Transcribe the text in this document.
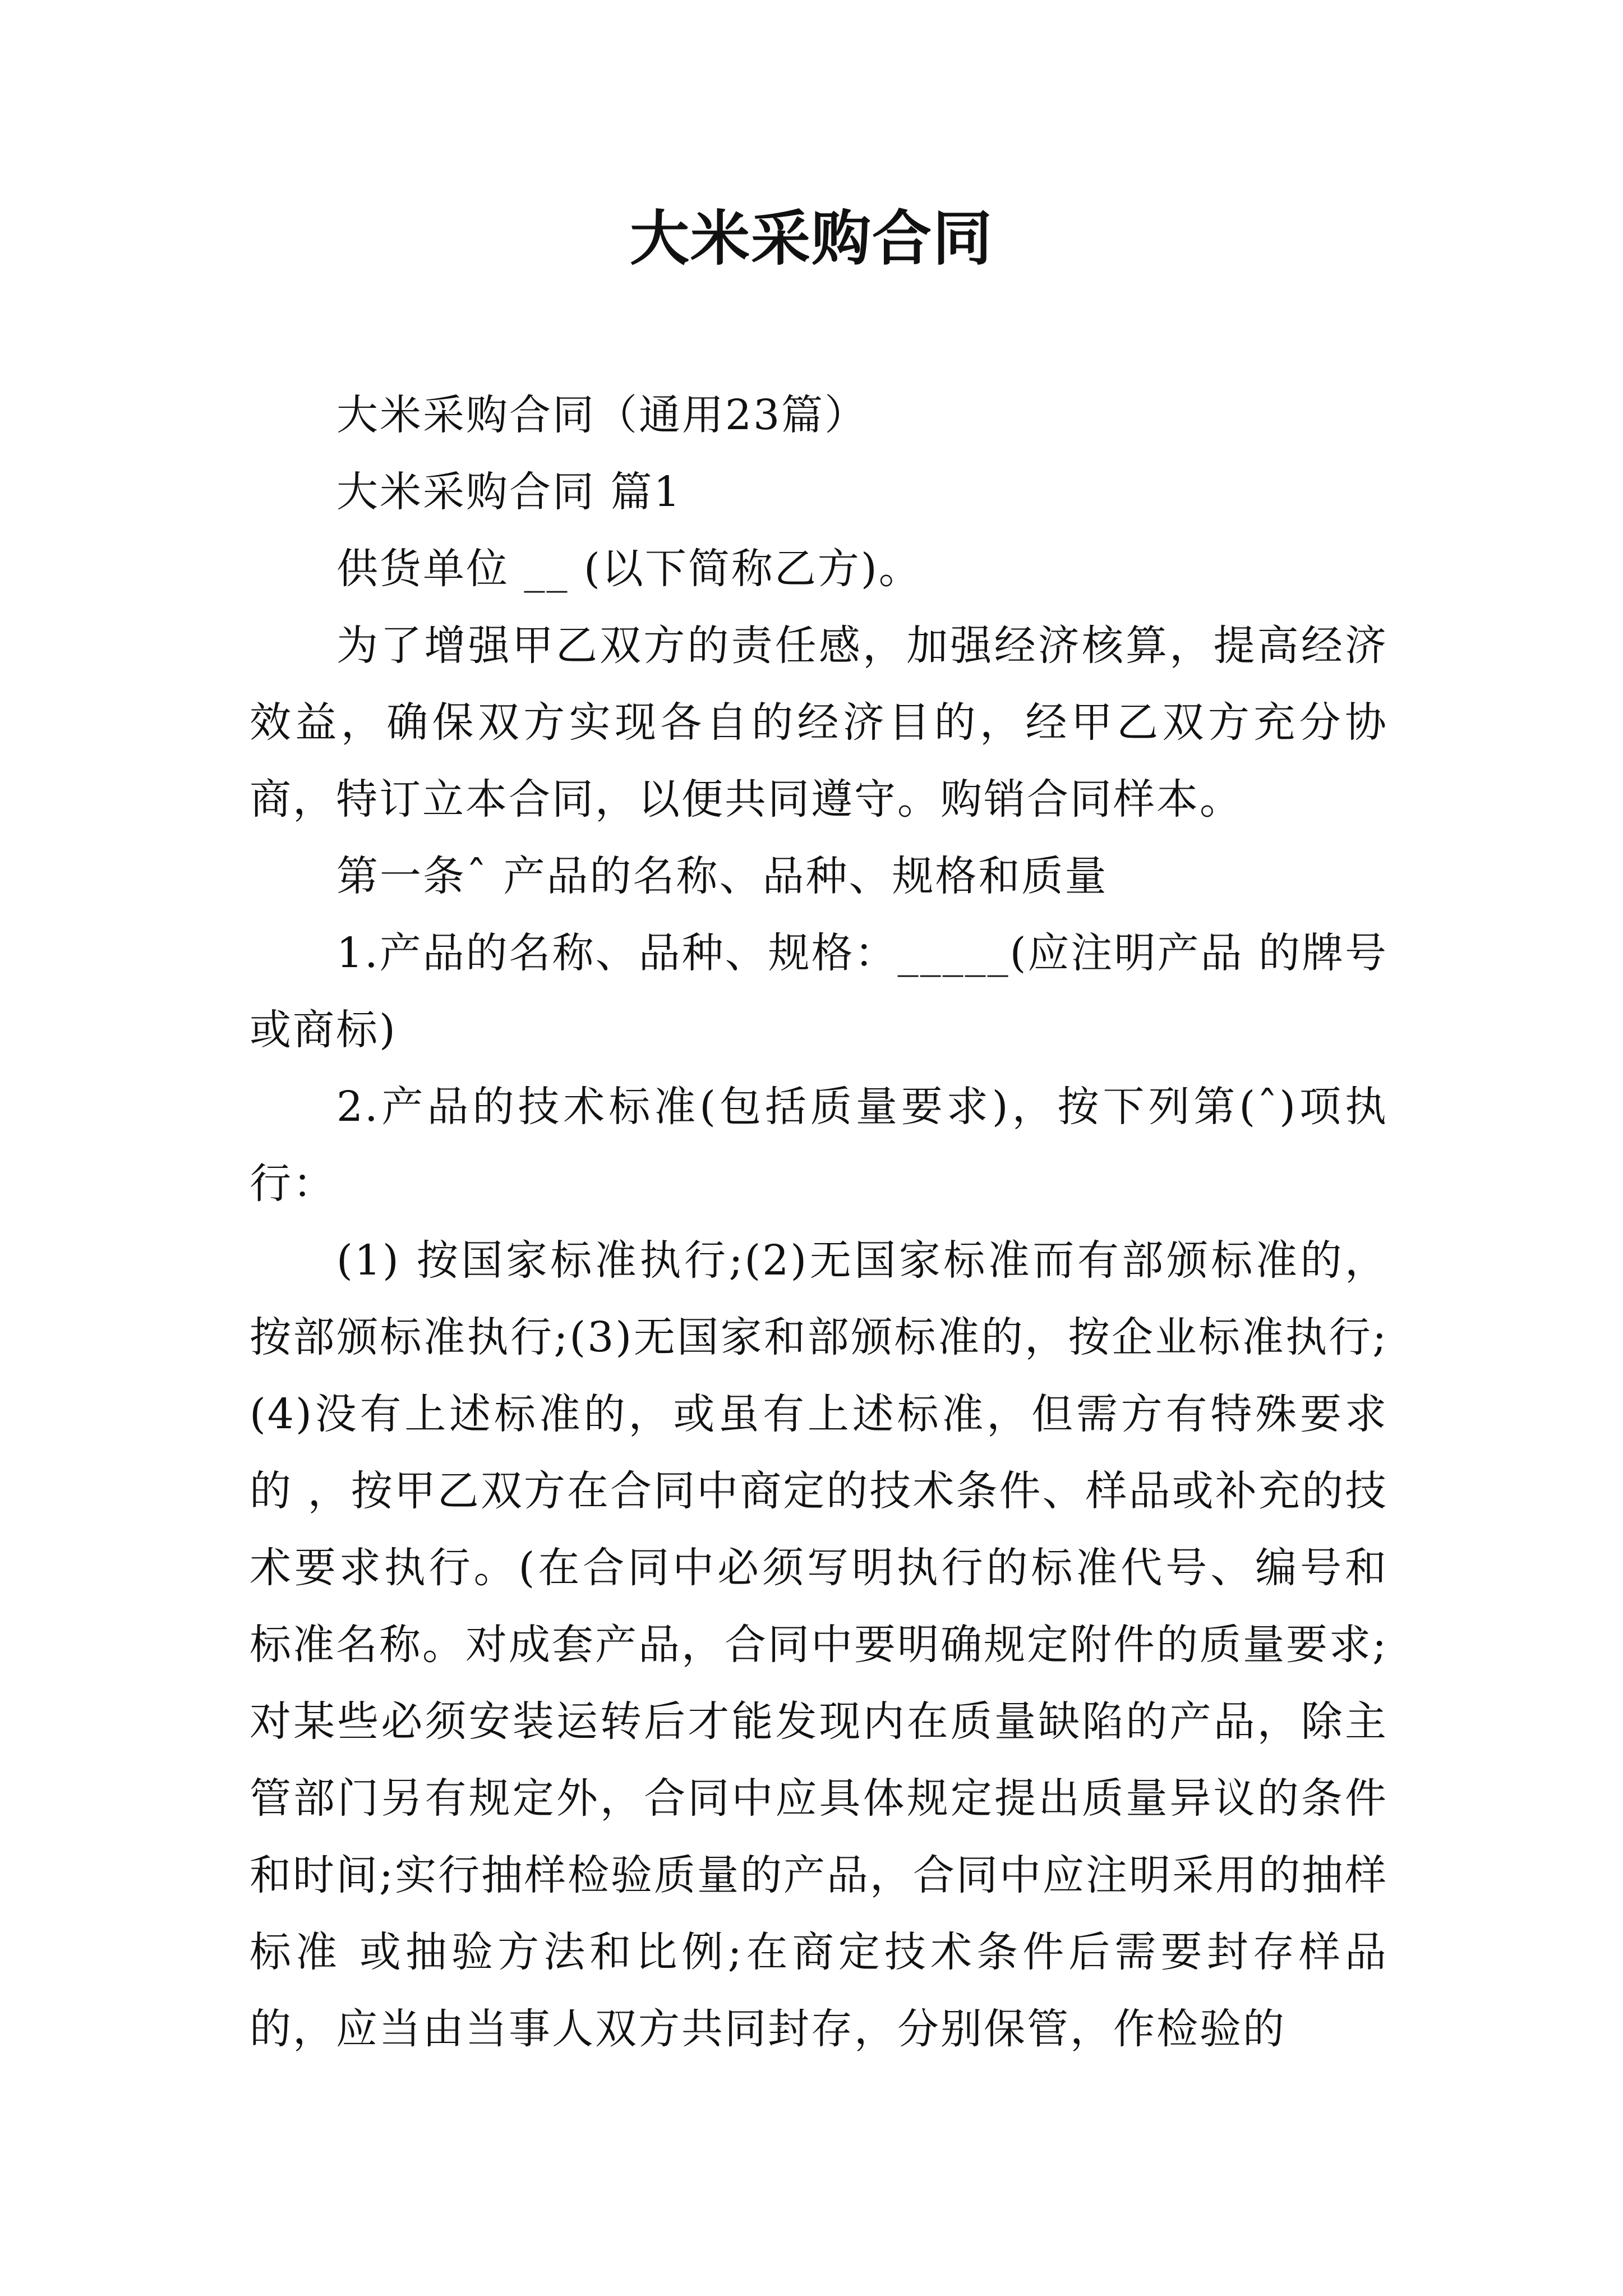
大米采购合同

大米采购合同（通用23篇）

大米采购合同 篇1

供货单位 __ (以下简称乙方)。

为了增强甲乙双方的责任感，加强经济核算，提高经济效益，确保双方实现各自的经济目的，经甲乙双方充分协商，特订立本合同，以便共同遵守。购销合同样本。

第一条ˆ 产品的名称、品种、规格和质量

1.产品的名称、品种、规格：_____(应注明产品 的牌号或商标)

2.产品的技术标准(包括质量要求)，按下列第(ˆ)项执行：

(1) 按国家标准执行;(2)无国家标准而有部颁标准的，按部颁标准执行;(3)无国家和部颁标准的，按企业标准执行;(4)没有上述标准的，或虽有上述标准，但需方有特殊要求的 ，按甲乙双方在合同中商定的技术条件、样品或补充的技术要求执行。(在合同中必须写明执行的标准代号、编号和标准名称。对成套产品，合同中要明确规定附件的质量要求;对某些必须安装运转后才能发现内在质量缺陷的产品，除主管部门另有规定外，合同中应具体规定提出质量异议的条件和时间;实行抽样检验质量的产品，合同中应注明采用的抽样标准 或抽验方法和比例;在商定技术条件后需要封存样品的，应当由当事人双方共同封存，分别保管，作检验的
